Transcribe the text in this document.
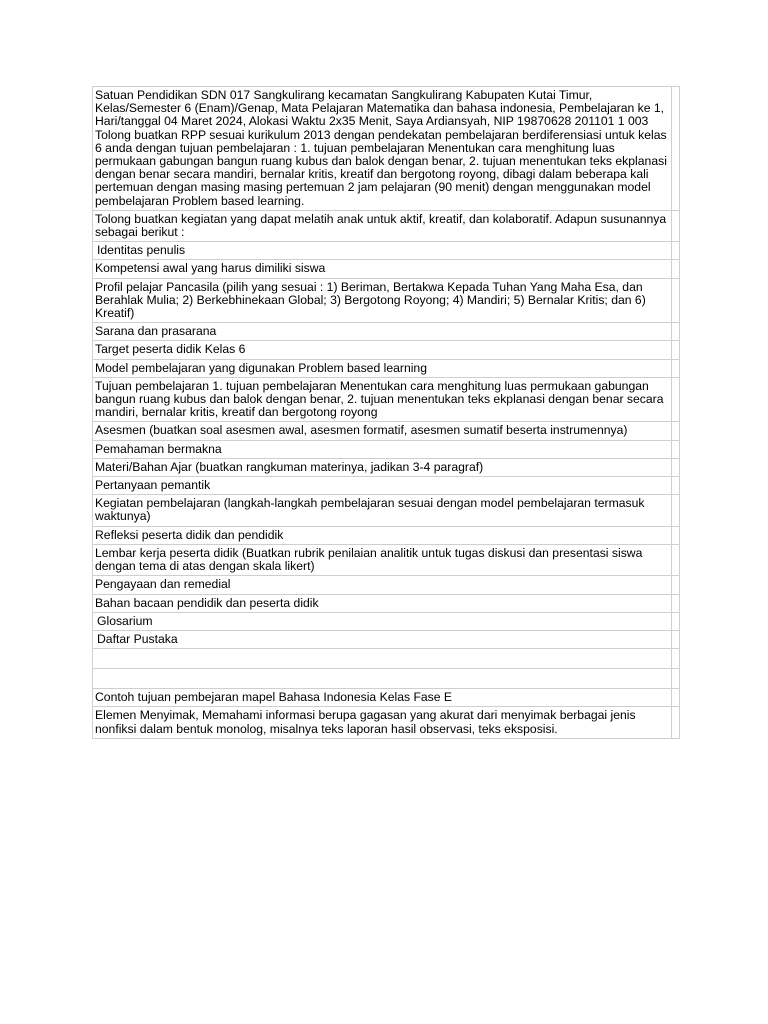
Satuan Pendidikan SDN 017 Sangkulirang kecamatan Sangkulirang Kabupaten Kutai Timur, Kelas/Semester 6 (Enam)/Genap, Mata Pelajaran Matematika dan bahasa indonesia, Pembelajaran ke 1, Hari/tanggal 04 Maret 2024, Alokasi Waktu 2x35 Menit, Saya Ardiansyah, NIP 19870628 201101 1 003 Tolong buatkan RPP sesuai kurikulum 2013 dengan pendekatan pembelajaran berdiferensiasi untuk kelas 6 anda dengan tujuan pembelajaran : 1. tujuan pembelajaran Menentukan cara menghitung luas permukaan gabungan bangun ruang kubus dan balok dengan benar, 2. tujuan menentukan teks ekplanasi dengan benar secara mandiri, bernalar kritis, kreatif dan bergotong royong, dibagi dalam beberapa kali pertemuan dengan masing masing pertemuan 2 jam pelajaran (90 menit) dengan menggunakan model pembelajaran Problem based learning.	

Tolong buatkan kegiatan yang dapat melatih anak untuk aktif, kreatif, dan kolaboratif. Adapun susunannya sebagai berikut :	

Identitas penulis	

Kompetensi awal yang harus dimiliki siswa	

Profil pelajar Pancasila (pilih yang sesuai : 1) Beriman, Bertakwa Kepada Tuhan Yang Maha Esa, dan Berahlak Mulia; 2) Berkebhinekaan Global; 3) Bergotong Royong; 4) Mandiri; 5) Bernalar Kritis; dan 6) Kreatif)	

Sarana dan prasarana	

Target peserta didik Kelas 6	

Model pembelajaran yang digunakan Problem based learning	

Tujuan pembelajaran 1. tujuan pembelajaran Menentukan cara menghitung luas permukaan gabungan bangun ruang kubus dan balok dengan benar, 2. tujuan menentukan teks ekplanasi dengan benar secara mandiri, bernalar kritis, kreatif dan bergotong royong	

Asesmen (buatkan soal asesmen awal, asesmen formatif, asesmen sumatif beserta instrumennya)	

Pemahaman bermakna	

Materi/Bahan Ajar (buatkan rangkuman materinya, jadikan 3-4 paragraf)	

Pertanyaan pemantik	

Kegiatan pembelajaran (langkah-langkah pembelajaran sesuai dengan model pembelajaran termasuk waktunya)	

Refleksi peserta didik dan pendidik	

Lembar kerja peserta didik (Buatkan rubrik penilaian analitik untuk tugas diskusi dan presentasi siswa dengan tema di atas dengan skala likert)	

Pengayaan dan remedial	

Bahan bacaan pendidik dan peserta didik	

Glosarium	

Daftar Pustaka	

Contoh tujuan pembejaran mapel Bahasa Indonesia Kelas Fase E	

Elemen Menyimak, Memahami informasi berupa gagasan yang akurat dari menyimak berbagai jenis nonfiksi dalam bentuk monolog, misalnya teks laporan hasil observasi, teks eksposisi.	
